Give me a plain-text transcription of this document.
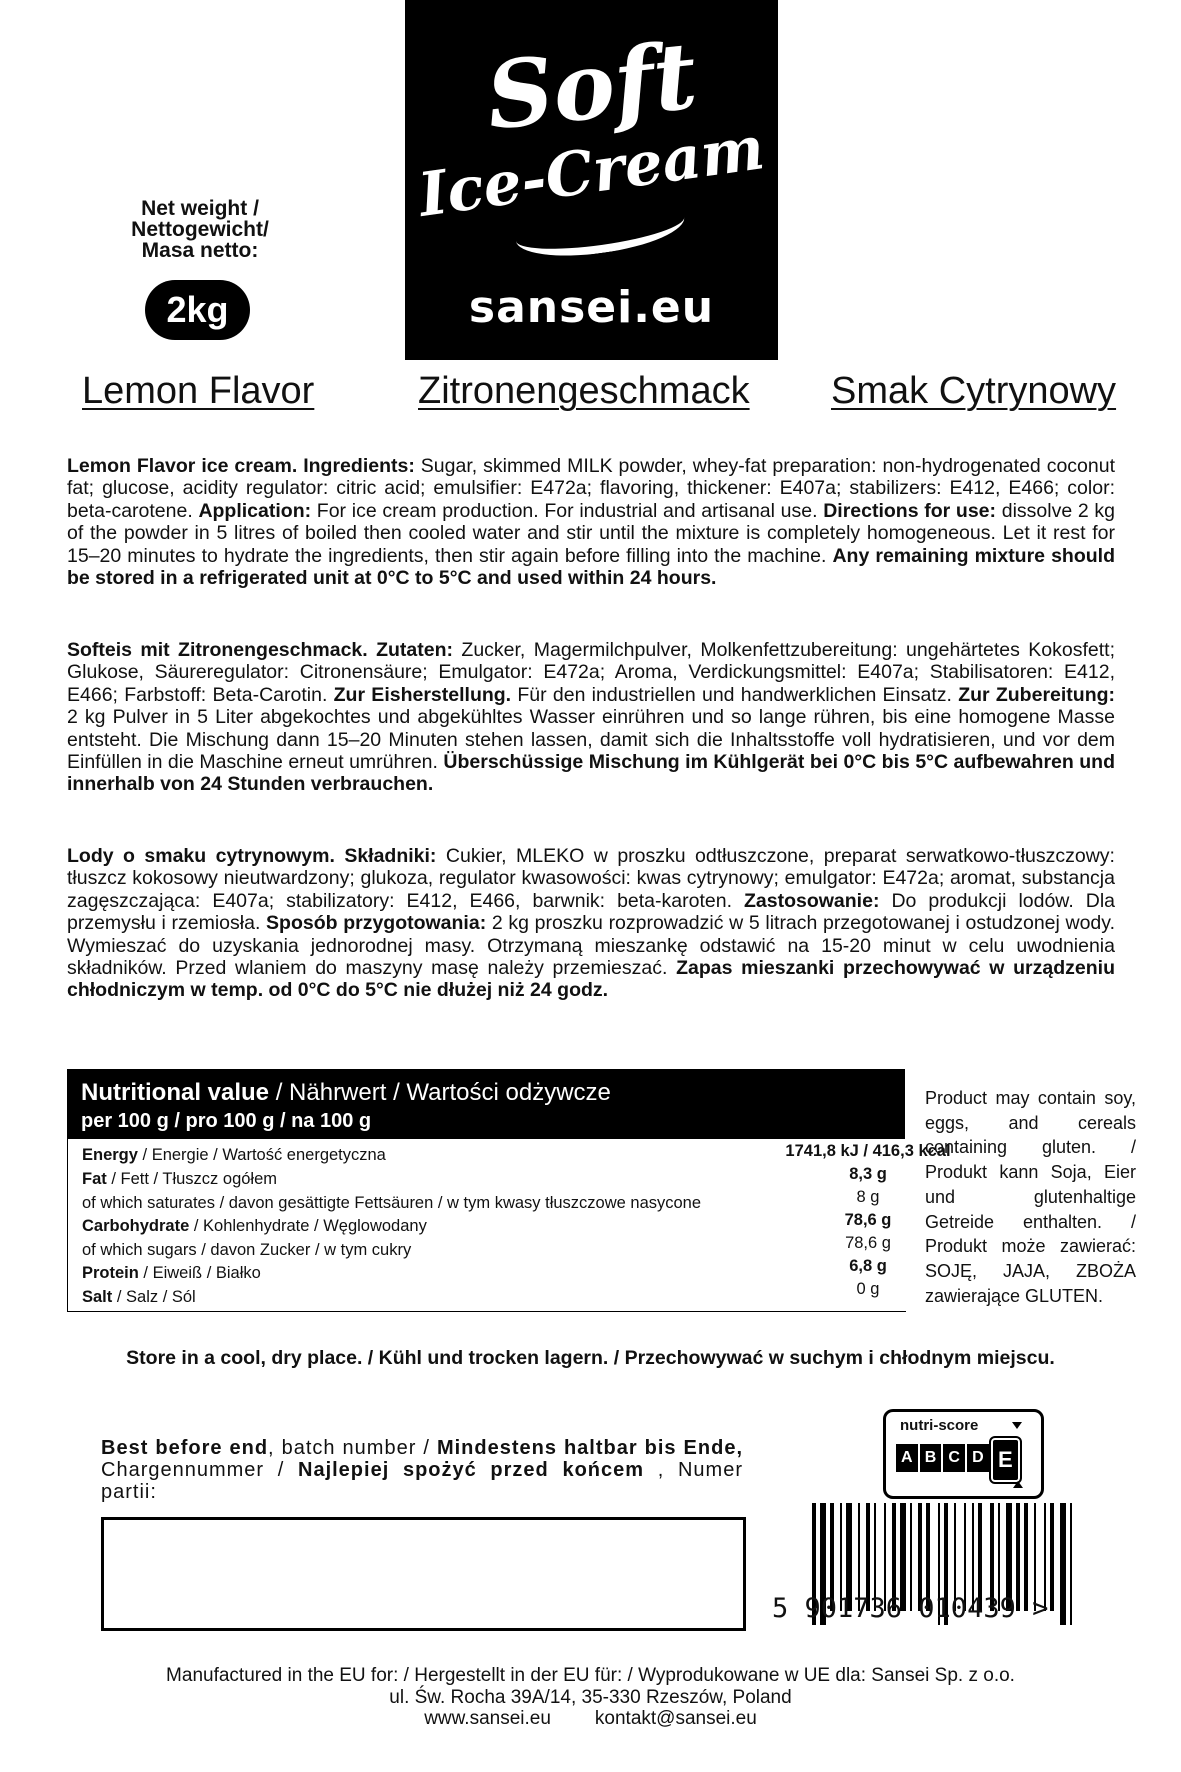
Soft
Ice-Cream
sansei.eu
Net weight /
Nettogewicht/
Masa netto:
2kg
Lemon Flavor	Zitronengeschmack Smak Cytrynowy
Lemon Flavor ice cream. Ingredients: Sugar, skimmed MILK powder, whey-fat preparation: non-hydrogenated coconut fat; glucose, acidity regulator: citric acid; emulsifier: E472a; flavoring, thickener: E407a; stabilizers: E412, E466; color: beta-carotene. Application: For ice cream production. For industrial and artisanal use. Directions for use: dissolve 2 kg of the powder in 5 litres of boiled then cooled water and stir until the mixture is completely homogeneous. Let it rest for 15–20 minutes to hydrate the ingredients, then stir again before filling into the machine. Any remaining mixture should be stored in a refrigerated unit at 0°C to 5°C and used within 24 hours.
Softeis mit Zitronengeschmack. Zutaten: Zucker, Magermilchpulver, Molkenfettzubereitung: ungehärtetes Kokosfett; Glukose, Säureregulator: Citronensäure; Emulgator: E472a; Aroma, Verdickungsmittel: E407a; Stabilisatoren: E412, E466; Farbstoff: Beta-Carotin. Zur Eisherstellung. Für den industriellen und handwerklichen Einsatz. Zur Zubereitung: 2 kg Pulver in 5 Liter abgekochtes und abgekühltes Wasser einrühren und so lange rühren, bis eine homogene Masse entsteht. Die Mischung dann 15–20 Minuten stehen lassen, damit sich die Inhaltsstoffe voll hydratisieren, und vor dem Einfüllen in die Maschine erneut umrühren. Überschüssige Mischung im Kühlgerät bei 0°C bis 5°C aufbewahren und innerhalb von 24 Stunden verbrauchen.
Lody o smaku cytrynowym. Składniki: Cukier, MLEKO w proszku odtłuszczone, preparat serwatkowo-tłuszczowy: tłuszcz kokosowy nieutwardzony; glukoza, regulator kwasowości: kwas cytrynowy; emulgator: E472a; aromat, substancja zagęszczająca: E407a; stabilizatory: E412, E466, barwnik: beta-karoten. Zastosowanie: Do produkcji lodów. Dla przemysłu i rzemiosła. Sposób przygotowania: 2 kg proszku rozprowadzić w 5 litrach przegotowanej i ostudzonej wody. Wymieszać do uzyskania jednorodnej masy. Otrzymaną mieszankę odstawić na 15-20 minut w celu uwodnienia składników. Przed wlaniem do maszyny masę należy przemieszać. Zapas mieszanki przechowywać w urządzeniu chłodniczym w temp. od 0°C do 5°C nie dłużej niż 24 godz.
Nutritional value / Nährwert / Wartości odżywcze
per 100 g / pro 100 g / na 100 g
Energy / Energie / Wartość energetyczna	1741,8 kJ / 416,3 kcal
Fat / Fett / Tłuszcz ogółem	8,3 g
of which saturates / davon gesättigte Fettsäuren / w tym kwasy tłuszczowe nasycone	8 g
Carbohydrate / Kohlenhydrate / Węglowodany	78,6 g
of which sugars / davon Zucker / w tym cukry	78,6 g
Protein / Eiweiß / Białko	6,8 g
Salt / Salz / Sól	0 g
Product may contain soy, eggs, and cereals containing gluten. / Produkt kann Soja, Eier und glutenhaltige Getreide enthalten. / Produkt może zawierać: SOJĘ, JAJA, ZBOŻA zawierające GLUTEN.
Store in a cool, dry place. / Kühl und trocken lagern. / Przechowywać w suchym i chłodnym miejscu.
nutri-score
A B C D E
Best before end, batch number / Mindestens haltbar bis Ende, Chargennummer / Najlepiej spożyć przed końcem , Numer partii:
5 901736 010439 >
Manufactured in the EU for: / Hergestellt in der EU für: / Wyprodukowane w UE dla: Sansei Sp. z o.o.
ul. Św. Rocha 39A/14, 35-330 Rzeszów, Poland
www.sansei.eu kontakt@sansei.eu
